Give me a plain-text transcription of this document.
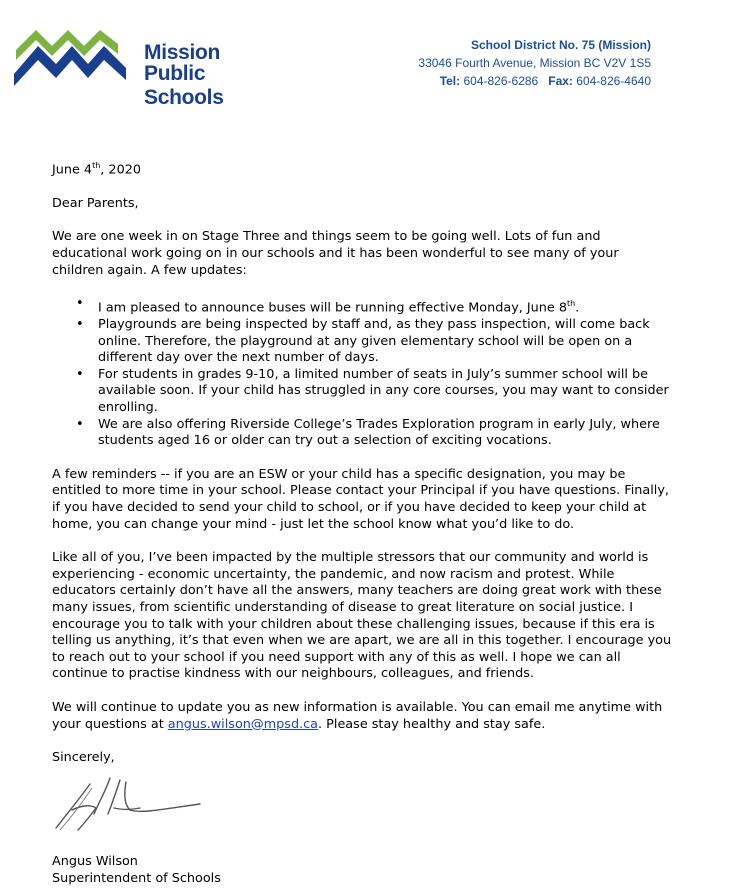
Mission
Public Schools
School District No. 75 (Mission)
33046 Fourth Avenue, Mission BC V2V 1S5
Tel: 604-826-6286 Fax: 604-826-4640

June 4th, 2020

Dear Parents,

We are one week in on Stage Three and things seem to be going well. Lots of fun and educational work going on in our schools and it has been wonderful to see many of your children again. A few updates:

• I am pleased to announce buses will be running effective Monday, June 8th.
• Playgrounds are being inspected by staff and, as they pass inspection, will come back online. Therefore, the playground at any given elementary school will be open on a different day over the next number of days.
• For students in grades 9-10, a limited number of seats in July’s summer school will be available soon. If your child has struggled in any core courses, you may want to consider enrolling.
• We are also offering Riverside College’s Trades Exploration program in early July, where students aged 16 or older can try out a selection of exciting vocations.

A few reminders -- if you are an ESW or your child has a specific designation, you may be entitled to more time in your school. Please contact your Principal if you have questions. Finally, if you have decided to send your child to school, or if you have decided to keep your child at home, you can change your mind - just let the school know what you’d like to do.

Like all of you, I’ve been impacted by the multiple stressors that our community and world is experiencing - economic uncertainty, the pandemic, and now racism and protest. While educators certainly don’t have all the answers, many teachers are doing great work with these many issues, from scientific understanding of disease to great literature on social justice. I encourage you to talk with your children about these challenging issues, because if this era is telling us anything, it’s that even when we are apart, we are all in this together. I encourage you to reach out to your school if you need support with any of this as well. I hope we can all continue to practise kindness with our neighbours, colleagues, and friends.

We will continue to update you as new information is available. You can email me anytime with your questions at angus.wilson@mpsd.ca. Please stay healthy and stay safe.

Sincerely,

Angus Wilson
Superintendent of Schools
